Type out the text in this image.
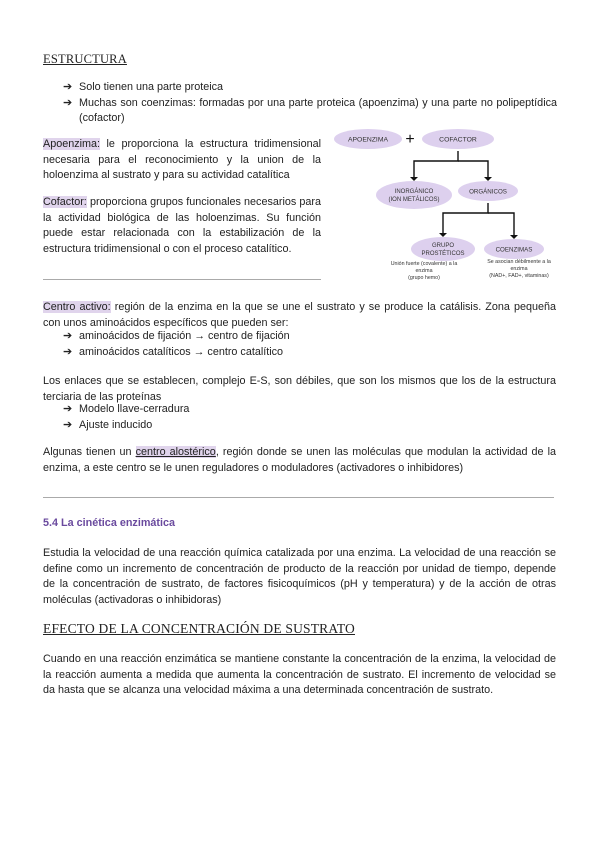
ESTRUCTURA
➔ Solo tienen una parte proteica
➔ Muchas son coenzimas: formadas por una parte proteica (apoenzima) y una parte no polipeptídica (cofactor)

Apoenzima: le proporciona la estructura tridimensional necesaria para el reconocimiento y la union de la holoenzima al sustrato y para su actividad catalítica

Cofactor: proporciona grupos funcionales necesarios para la actividad biológica de las holoenzimas. Su función puede estar relacionada con la estabilización de la estructura tridimensional o con el proceso catalítico.

APOENZIMA	COFACTOR
INORGÁNICO
(ION METÁLICOS)
ORGÁNICOS
GRUPO
PROSTÉTICOS
COENZIMAS
+
Unión fuerte (covalente) a la
enzima
(grupo hemo)
Se asocian débilmente a la
enzima
(NAD+, FAD+, vitaminas)

Centro activo: región de la enzima en la que se une el sustrato y se produce la catálisis. Zona pequeña con unos aminoácidos específicos que pueden ser:

➔ aminoácidos de fijación → centro de fijación
➔ aminoácidos catalíticos → centro catalítico

Los enlaces que se establecen, complejo E-S, son débiles, que son los mismos que los de la estructura terciaria de las proteínas

➔ Modelo llave-cerradura
➔ Ajuste inducido

Algunas tienen un centro alostérico, región donde se unen las moléculas que modulan la actividad de la enzima, a este centro se le unen reguladores o moduladores (activadores o inhibidores)

5.4 La cinética enzimática

Estudia la velocidad de una reacción química catalizada por una enzima. La velocidad de una reacción se define como un incremento de concentración de producto de la reacción por unidad de tiempo, depende de la concentración de sustrato, de factores fisicoquímicos (pH y temperatura) y de la acción de otras moléculas (activadoras o inhibidoras)

EFECTO DE LA CONCENTRACIÓN DE SUSTRATO

Cuando en una reacción enzimática se mantiene constante la concentración de la enzima, la velocidad de la reacción aumenta a medida que aumenta la concentración de sustrato. El incremento de velocidad se da hasta que se alcanza una velocidad máxima a una determinada concentración de sustrato.
